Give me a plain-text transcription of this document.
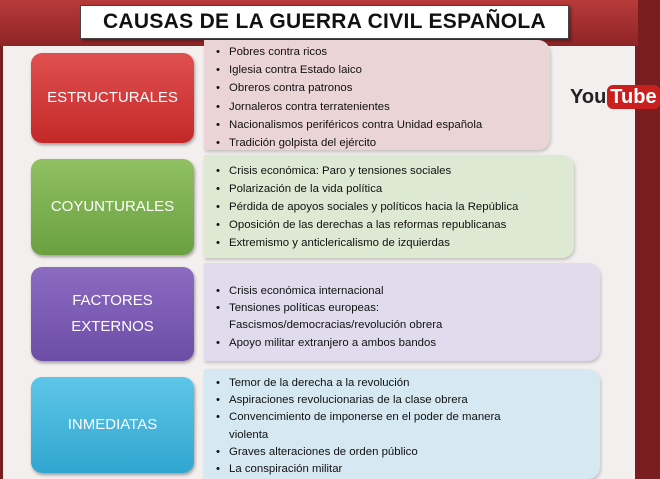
CAUSAS DE LA GUERRA CIVIL ESPAÑOLA
You Tube
ESTRUCTURALES
• Pobres contra ricos
• Iglesia contra Estado laico
• Obreros contra patronos
• Jornaleros contra terratenientes
• Nacionalismos periféricos contra Unidad española
• Tradición golpista del ejército
COYUNTURALES
• Crisis económica: Paro y tensiones sociales
• Polarización de la vida política
• Pérdida de apoyos sociales y políticos hacia la República
• Oposición de las derechas a las reformas republicanas
• Extremismo y anticlericalismo de izquierdas
FACTORES
EXTERNOS
• Crisis económica internacional
• Tensiones políticas europeas:
Fascismos/democracias/revolución obrera
• Apoyo militar extranjero a ambos bandos
INMEDIATAS
• Temor de la derecha a la revolución
• Aspiraciones revolucionarias de la clase obrera
• Convencimiento de imponerse en el poder de manera
violenta
• Graves alteraciones de orden público
• La conspiración militar
